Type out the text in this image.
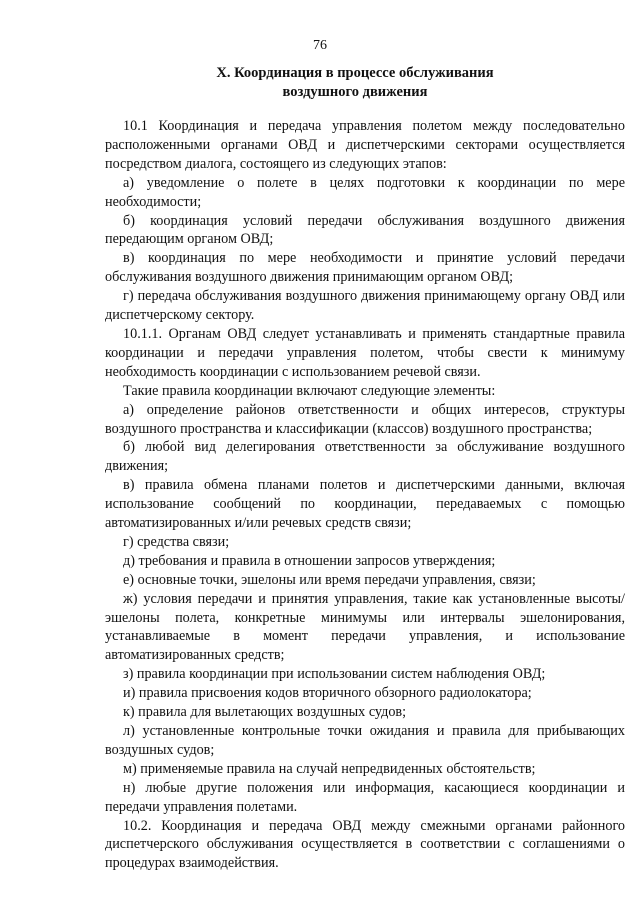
76
X. Координация в процессе обслуживания
воздушного движения

10.1 Координация и передача управления полетом между последовательно расположенными органами ОВД и диспетчерскими секторами осуществляется посредством диалога, состоящего из следующих этапов:

а) уведомление о полете в целях подготовки к координации по мере необходимости;

б) координация условий передачи обслуживания воздушного движения передающим органом ОВД;

в) координация по мере необходимости и принятие условий передачи обслуживания воздушного движения принимающим органом ОВД;

г) передача обслуживания воздушного движения принимающему органу ОВД или диспетчерскому сектору.

10.1.1. Органам ОВД следует устанавливать и применять стандартные правила координации и передачи управления полетом, чтобы свести к минимуму необходимость координации с использованием речевой связи.

Такие правила координации включают следующие элементы:

а) определение районов ответственности и общих интересов, структуры воздушного пространства и классификации (классов) воздушного пространства;

б) любой вид делегирования ответственности за обслуживание воздушного движения;

в) правила обмена планами полетов и диспетчерскими данными, включая использование сообщений по координации, передаваемых с помощью автоматизированных и/или речевых средств связи;

г) средства связи;

д) требования и правила в отношении запросов утверждения;

е) основные точки, эшелоны или время передачи управления, связи;

ж) условия передачи и принятия управления, такие как установленные высоты/эшелоны полета, конкретные минимумы или интервалы эшелонирования, устанавливаемые в момент передачи управления, и использование автоматизированных средств;

з) правила координации при использовании систем наблюдения ОВД;

и) правила присвоения кодов вторичного обзорного радиолокатора;

к) правила для вылетающих воздушных судов;

л) установленные контрольные точки ожидания и правила для прибывающих воздушных судов;

м) применяемые правила на случай непредвиденных обстоятельств;

н) любые другие положения или информация, касающиеся координации и передачи управления полетами.

10.2. Координация и передача ОВД между смежными органами районного диспетчерского обслуживания осуществляется в соответствии с соглашениями о процедурах взаимодействия.
